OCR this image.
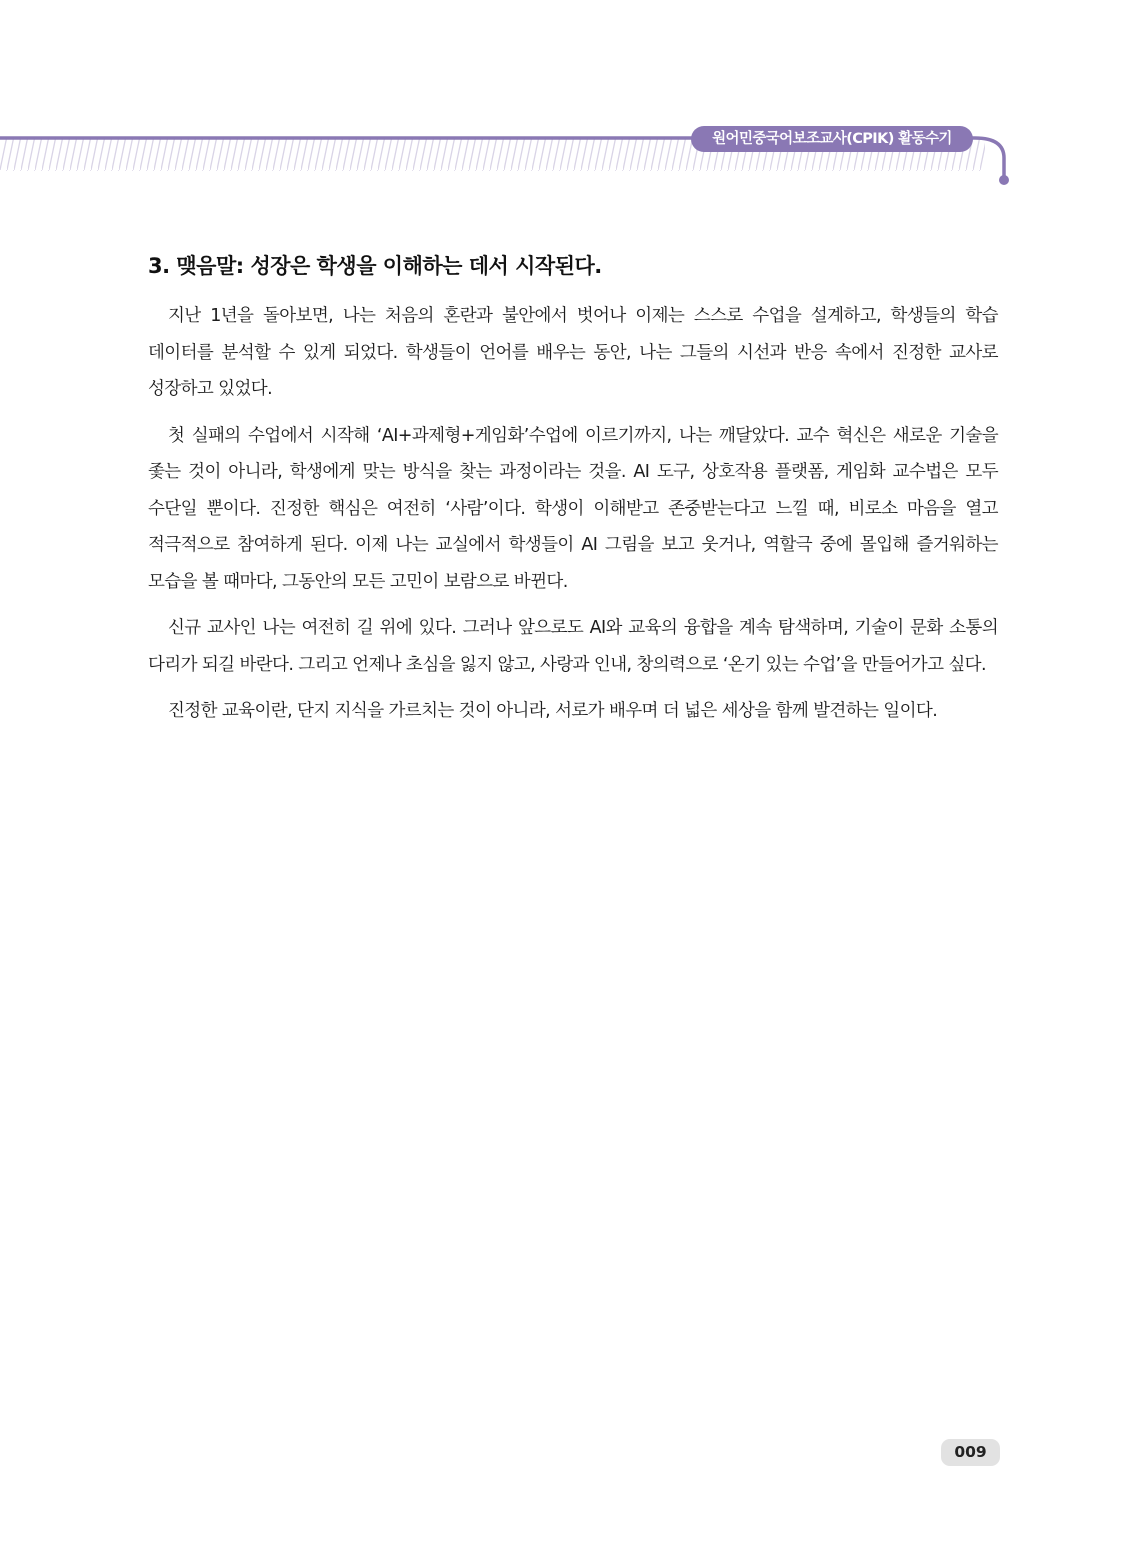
원어민중국어보조교사(CPIK) 활동수기
3. 맺음말: 성장은 학생을 이해하는 데서 시작된다.

지난 1년을 돌아보면, 나는 처음의 혼란과 불안에서 벗어나 이제는 스스로 수업을 설계하고, 학생들의 학습 데이터를 분석할 수 있게 되었다. 학생들이 언어를 배우는 동안, 나는 그들의 시선과 반응 속에서 진정한 교사로 성장하고 있었다.

첫 실패의 수업에서 시작해 ‘AI+과제형+게임화’수업에 이르기까지, 나는 깨달았다. 교수 혁신은 새로운 기술을 좇는 것이 아니라, 학생에게 맞는 방식을 찾는 과정이라는 것을. AI 도구, 상호작용 플랫폼, 게임화 교수법은 모두 수단일 뿐이다. 진정한 핵심은 여전히 ‘사람’이다. 학생이 이해받고 존중받는다고 느낄 때, 비로소 마음을 열고 적극적으로 참여하게 된다. 이제 나는 교실에서 학생들이 AI 그림을 보고 웃거나, 역할극 중에 몰입해 즐거워하는 모습을 볼 때마다, 그동안의 모든 고민이 보람으로 바뀐다.

신규 교사인 나는 여전히 길 위에 있다. 그러나 앞으로도 AI와 교육의 융합을 계속 탐색하며, 기술이 문화 소통의 다리가 되길 바란다. 그리고 언제나 초심을 잃지 않고, 사랑과 인내, 창의력으로 ‘온기 있는 수업’을 만들어가고 싶다.

진정한 교육이란, 단지 지식을 가르치는 것이 아니라, 서로가 배우며 더 넓은 세상을 함께 발견하는 일이다.

009
